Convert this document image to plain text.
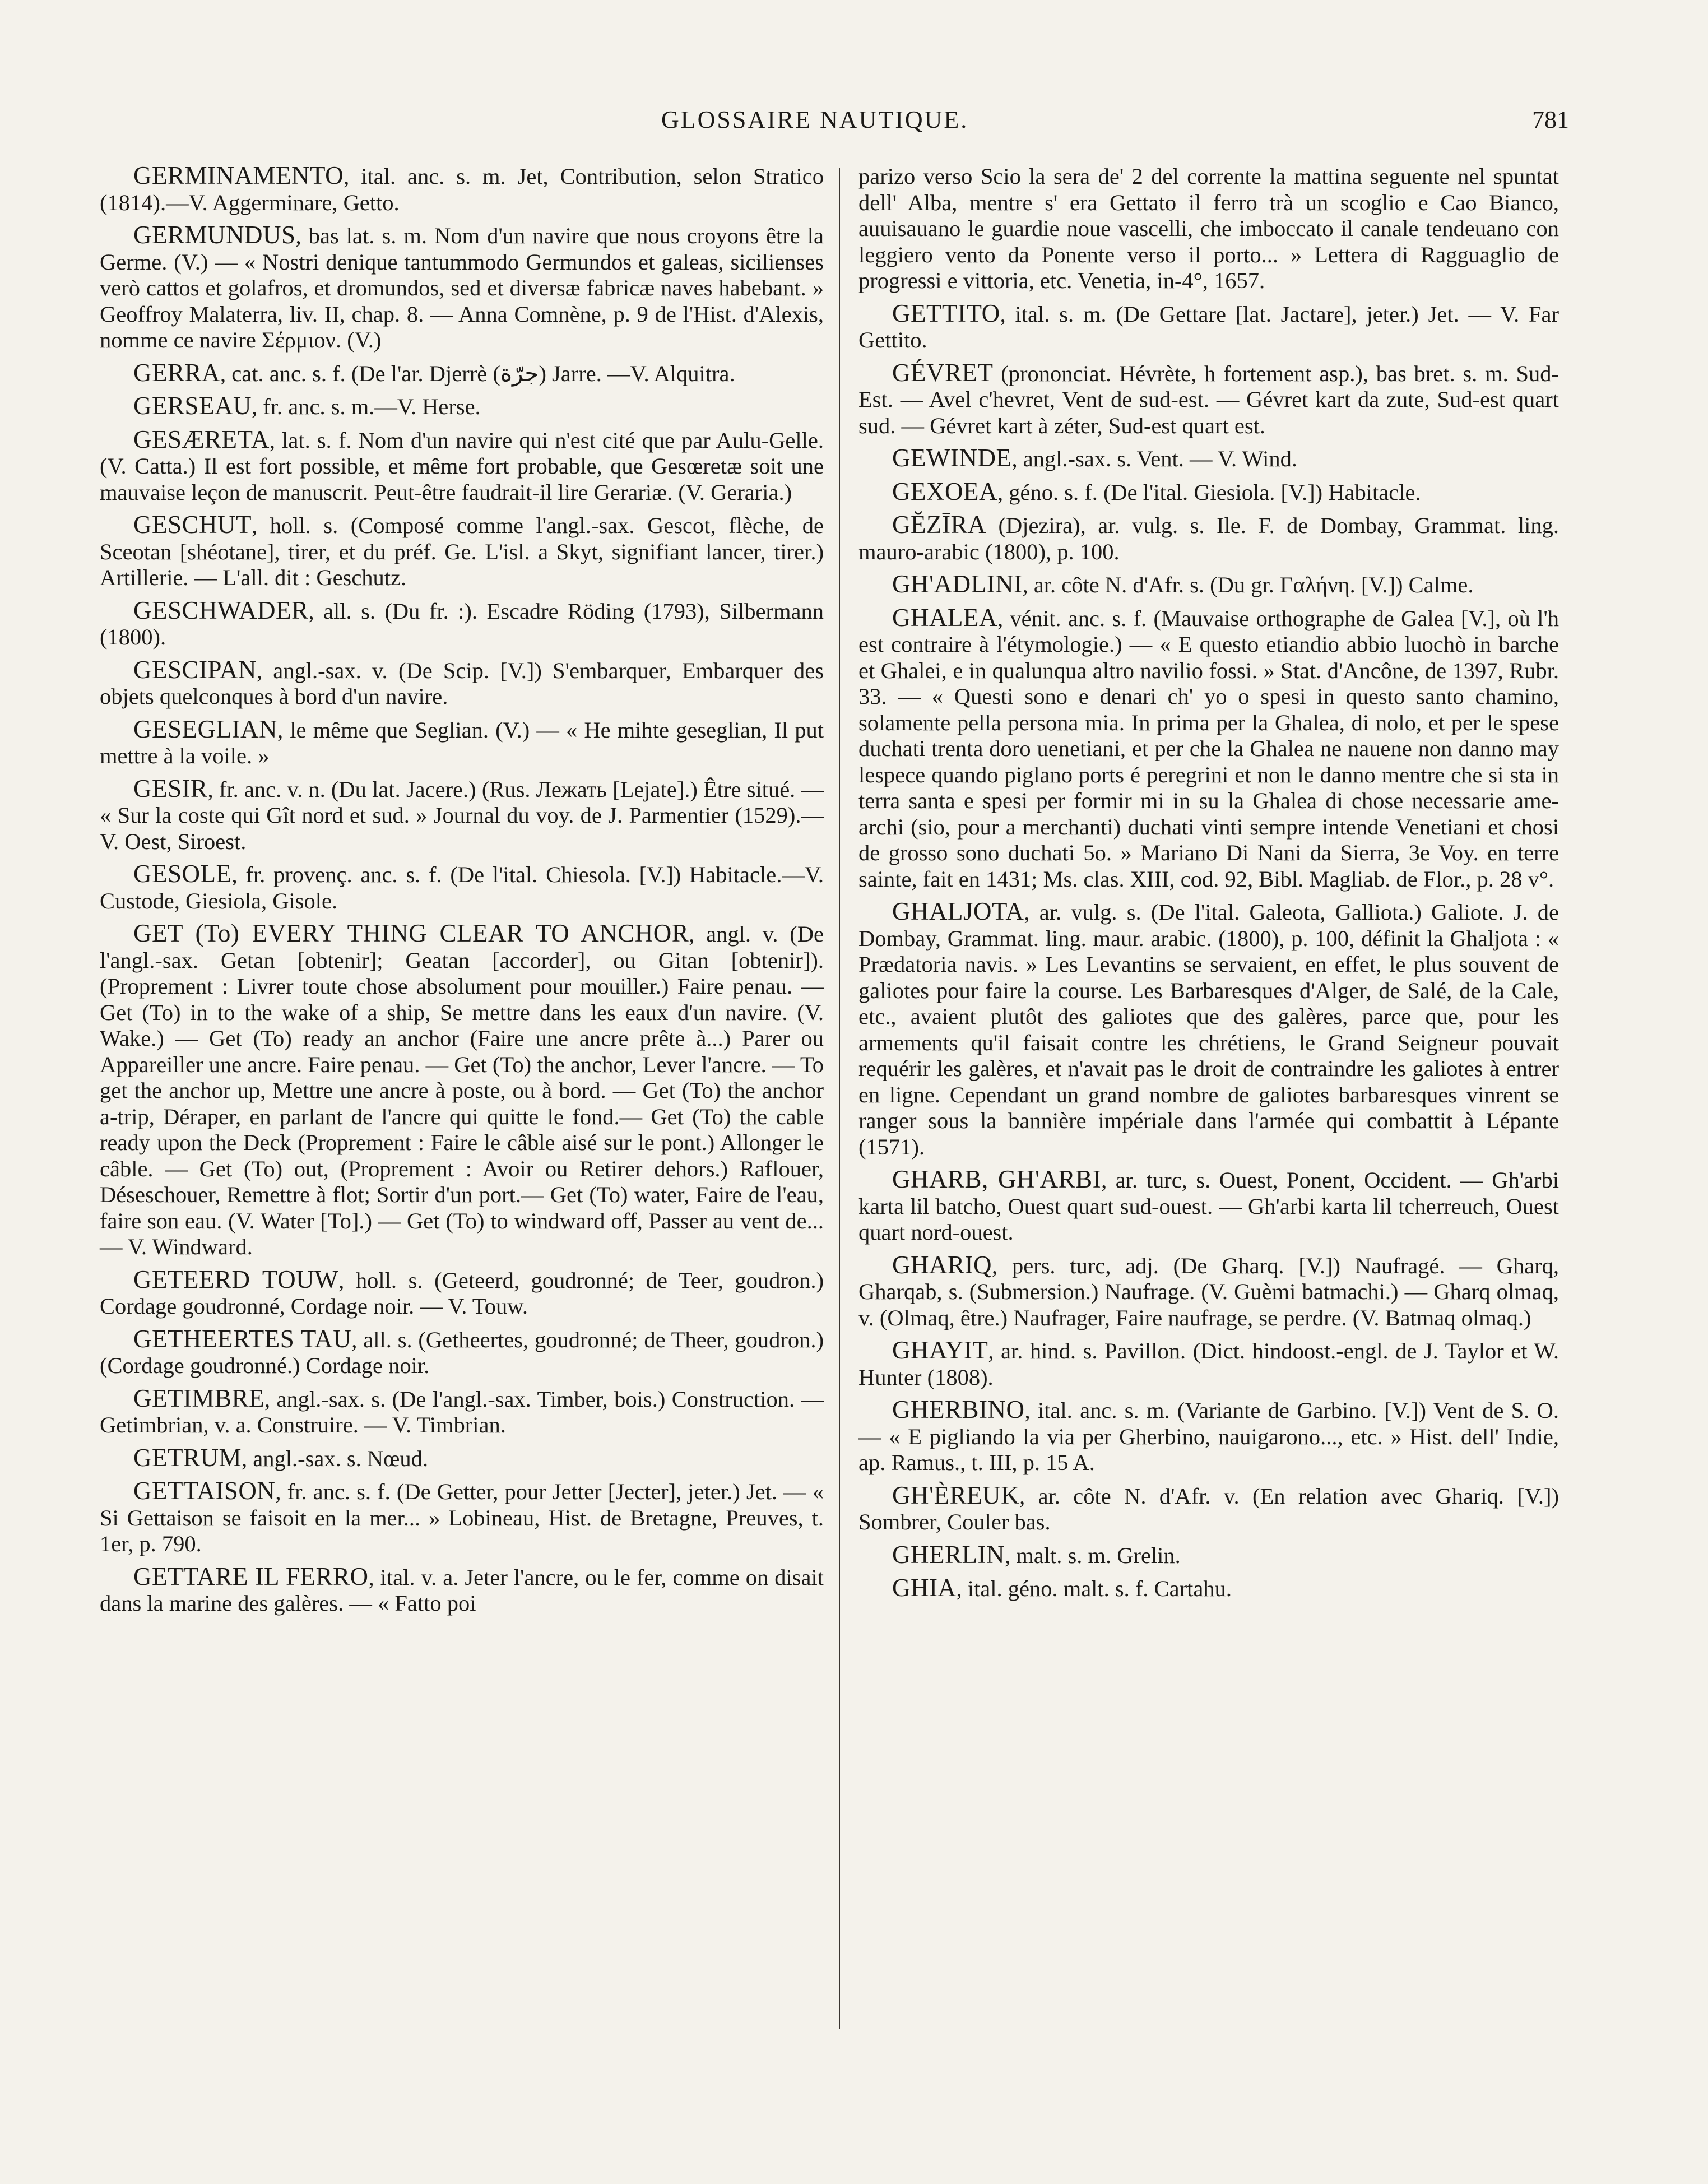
GLOSSAIRE NAUTIQUE.	781

GERMINAMENTO, ital. anc. s. m. Jet, Contribution, selon Stratico (1814).—V. Aggerminare, Getto.

GERMUNDUS, bas lat. s. m. Nom d'un navire que nous croyons être la Germe. (V.) — « Nostri denique tantummodo Germundos et galeas, sicilienses verò cattos et golafros, et dromundos, sed et diversæ fabricæ naves habebant. » Geoffroy Malaterra, liv. II, chap. 8. — Anna Comnène, p. 9 de l'Hist. d'Alexis, nomme ce navire Σέρμιον. (V.)

GERRA, cat. anc. s. f. (De l'ar. Djerrè (جرّة) Jarre. —V. Alquitra.

GERSEAU, fr. anc. s. m.—V. Herse.

GESÆRETA, lat. s. f. Nom d'un navire qui n'est cité que par Aulu-Gelle. (V. Catta.) Il est fort possible, et même fort probable, que Gesœretæ soit une mauvaise leçon de manuscrit. Peut-être faudrait-il lire Gerariæ. (V. Geraria.)

GESCHUT, holl. s. (Composé comme l'angl.-sax. Gescot, flèche, de Sceotan [shéotane], tirer, et du préf. Ge. L'isl. a Skyt, signifiant lancer, tirer.) Artillerie. — L'all. dit : Geschutz.

GESCHWADER, all. s. (Du fr. :). Escadre Röding (1793), Silbermann (1800).

GESCIPAN, angl.-sax. v. (De Scip. [V.]) S'embarquer, Embarquer des objets quelconques à bord d'un navire.

GESEGLIAN, le même que Seglian. (V.) — « He mihte geseglian, Il put mettre à la voile. »

GESIR, fr. anc. v. n. (Du lat. Jacere.) (Rus. Лежать [Lejate].) Être situé. — « Sur la coste qui Gît nord et sud. » Journal du voy. de J. Parmentier (1529).—V. Oest, Siroest.

GESOLE, fr. provenç. anc. s. f. (De l'ital. Chiesola. [V.]) Habitacle.—V. Custode, Giesiola, Gisole.

GET (To) EVERY THING CLEAR TO ANCHOR, angl. v. (De l'angl.-sax. Getan [obtenir]; Geatan [accorder], ou Gitan [obtenir]). (Proprement : Livrer toute chose absolument pour mouiller.) Faire penau. — Get (To) in to the wake of a ship, Se mettre dans les eaux d'un navire. (V. Wake.) — Get (To) ready an anchor (Faire une ancre prête à...) Parer ou Appareiller une ancre. Faire penau. — Get (To) the anchor, Lever l'ancre. — To get the anchor up, Mettre une ancre à poste, ou à bord. — Get (To) the anchor a-trip, Déraper, en parlant de l'ancre qui quitte le fond.— Get (To) the cable ready upon the Deck (Proprement : Faire le câble aisé sur le pont.) Allonger le câble. — Get (To) out, (Proprement : Avoir ou Retirer dehors.) Raflouer, Déseschouer, Remettre à flot; Sortir d'un port.— Get (To) water, Faire de l'eau, faire son eau. (V. Water [To].) — Get (To) to windward off, Passer au vent de... — V. Windward.

GETEERD TOUW, holl. s. (Geteerd, goudronné; de Teer, goudron.) Cordage goudronné, Cordage noir. — V. Touw.

GETHEERTES TAU, all. s. (Getheertes, goudronné; de Theer, goudron.) (Cordage goudronné.) Cordage noir.

GETIMBRE, angl.-sax. s. (De l'angl.-sax. Timber, bois.) Construction. — Getimbrian, v. a. Construire. — V. Timbrian.

GETRUM, angl.-sax. s. Nœud.

GETTAISON, fr. anc. s. f. (De Getter, pour Jetter [Jecter], jeter.) Jet. — « Si Gettaison se faisoit en la mer... » Lobineau, Hist. de Bretagne, Preuves, t. 1er, p. 790.

GETTARE IL FERRO, ital. v. a. Jeter l'ancre, ou le fer, comme on disait dans la marine des galères. — « Fatto poi

parizo verso Scio la sera de' 2 del corrente la mattina seguente nel spuntat dell' Alba, mentre s' era Gettato il ferro trà un scoglio e Cao Bianco, auuisauano le guardie noue vascelli, che imboccato il canale tendeuano con leggiero vento da Ponente verso il porto... » Lettera di Ragguaglio de progressi e vittoria, etc. Venetia, in-4°, 1657.

GETTITO, ital. s. m. (De Gettare [lat. Jactare], jeter.) Jet. — V. Far Gettito.

GÉVRET (prononciat. Hévrète, h fortement asp.), bas bret. s. m. Sud-Est. — Avel c'hevret, Vent de sud-est. — Gévret kart da zute, Sud-est quart sud. — Gévret kart à zéter, Sud-est quart est.

GEWINDE, angl.-sax. s. Vent. — V. Wind.

GEXOEA, géno. s. f. (De l'ital. Giesiola. [V.]) Habitacle.

GĔZĪRA (Djezira), ar. vulg. s. Ile. F. de Dombay, Grammat. ling. mauro-arabic (1800), p. 100.

GH'ADLINI, ar. côte N. d'Afr. s. (Du gr. Γαλήνη. [V.]) Calme.

GHALEA, vénit. anc. s. f. (Mauvaise orthographe de Galea [V.], où l'h est contraire à l'étymologie.) — « E questo etiandio abbio luochò in barche et Ghalei, e in qualunqua altro navilio fossi. » Stat. d'Ancône, de 1397, Rubr. 33. — « Questi sono e denari ch' yo o spesi in questo santo chamino, solamente pella persona mia. In prima per la Ghalea, di nolo, et per le spese duchati trenta doro uenetiani, et per che la Ghalea ne nauene non danno may lespece quando piglano ports é peregrini et non le danno mentre che si sta in terra santa e spesi per formir mi in su la Ghalea di chose necessarie ame-archi (sio, pour a merchanti) duchati vinti sempre intende Venetiani et chosi de grosso sono duchati 5o. » Mariano Di Nani da Sierra, 3e Voy. en terre sainte, fait en 1431; Ms. clas. XIII, cod. 92, Bibl. Magliab. de Flor., p. 28 v°.

GHALJOTA, ar. vulg. s. (De l'ital. Galeota, Galliota.) Galiote. J. de Dombay, Grammat. ling. maur. arabic. (1800), p. 100, définit la Ghaljota : « Prædatoria navis. » Les Levantins se servaient, en effet, le plus souvent de galiotes pour faire la course. Les Barbaresques d'Alger, de Salé, de la Cale, etc., avaient plutôt des galiotes que des galères, parce que, pour les armements qu'il faisait contre les chrétiens, le Grand Seigneur pouvait requérir les galères, et n'avait pas le droit de contraindre les galiotes à entrer en ligne. Cependant un grand nombre de galiotes barbaresques vinrent se ranger sous la bannière impériale dans l'armée qui combattit à Lépante (1571).

GHARB, GH'ARBI, ar. turc, s. Ouest, Ponent, Occident. — Gh'arbi karta lil batcho, Ouest quart sud-ouest. — Gh'arbi karta lil tcherreuch, Ouest quart nord-ouest.

GHARIQ, pers. turc, adj. (De Gharq. [V.]) Naufragé. — Gharq, Gharqab, s. (Submersion.) Naufrage. (V. Guèmi batmachi.) — Gharq olmaq, v. (Olmaq, être.) Naufrager, Faire naufrage, se perdre. (V. Batmaq olmaq.)

GHAYIT, ar. hind. s. Pavillon. (Dict. hindoost.-engl. de J. Taylor et W. Hunter (1808).

GHERBINO, ital. anc. s. m. (Variante de Garbino. [V.]) Vent de S. O. — « E pigliando la via per Gherbino, nauigarono..., etc. » Hist. dell' Indie, ap. Ramus., t. III, p. 15 A.

GH'ÈREUK, ar. côte N. d'Afr. v. (En relation avec Ghariq. [V.]) Sombrer, Couler bas.

GHERLIN, malt. s. m. Grelin.

GHIA, ital. géno. malt. s. f. Cartahu.
